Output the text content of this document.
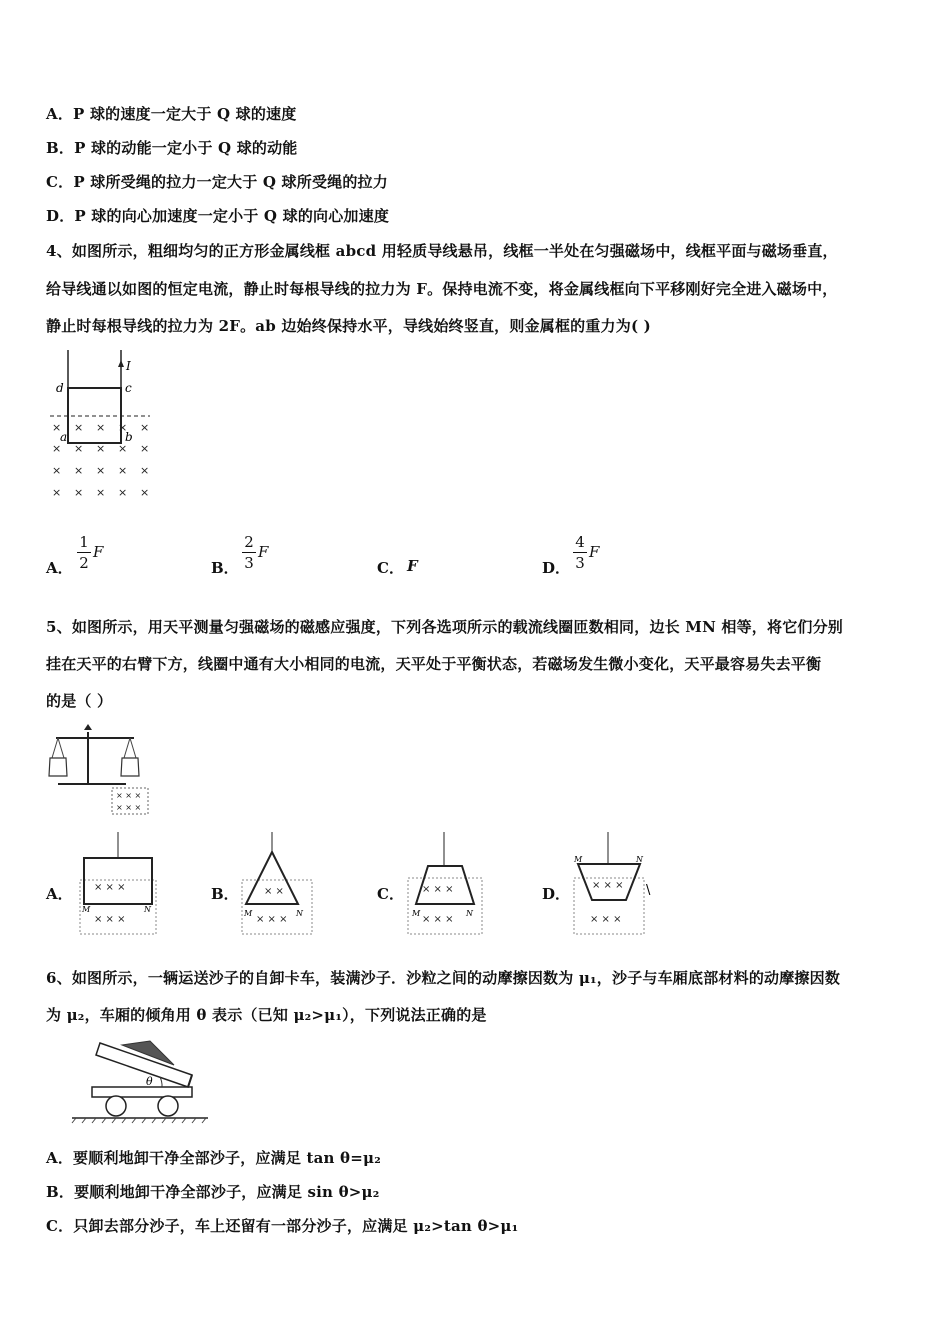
A．P 球的速度一定大于 Q 球的速度
B．P 球的动能一定小于 Q 球的动能
C．P 球所受绳的拉力一定大于 Q 球所受绳的拉力
D．P 球的向心加速度一定小于 Q 球的向心加速度
4、如图所示，粗细均匀的正方形金属线框 abcd 用轻质导线悬吊，线框一半处在匀强磁场中，线框平面与磁场垂直，
给导线通以如图的恒定电流，静止时每根导线的拉力为 F。保持电流不变，将金属线框向下平移刚好完全进入磁场中，
静止时每根导线的拉力为 2F。ab 边始终保持水平，导线始终竖直，则金属框的重力为( )
I
d	c
a	b
× × × × ×
× × × × ×
× × × × ×
× × × × ×
A．
1
2
F
B．
2
3
F
C． F	D．
4
3
F
5、如图所示，用天平测量匀强磁场的磁感应强度，下列各选项所示的载流线圈匝数相同，边长 MN 相等，将它们分别
挂在天平的右臂下方，线圈中通有大小相同的电流，天平处于平衡状态，若磁场发生微小变化，天平最容易失去平衡
的是（ ）
× × ×
× × ×
A． × × ×
× × ×
M	N
B．	× ×
× × ×
M	N
C． × × ×
× × ×
M	N
D． × × ×
× × ×
M	N
\
6、如图所示，一辆运送沙子的自卸卡车，装满沙子．沙粒之间的动摩擦因数为 μ₁，沙子与车厢底部材料的动摩擦因数
为 μ₂，车厢的倾角用 θ 表示（已知 μ₂>μ₁），下列说法正确的是
θ
A．要顺利地卸干净全部沙子，应满足 tan θ=μ₂
B．要顺利地卸干净全部沙子，应满足 sin θ>μ₂
C．只卸去部分沙子，车上还留有一部分沙子，应满足 μ₂>tan θ>μ₁
